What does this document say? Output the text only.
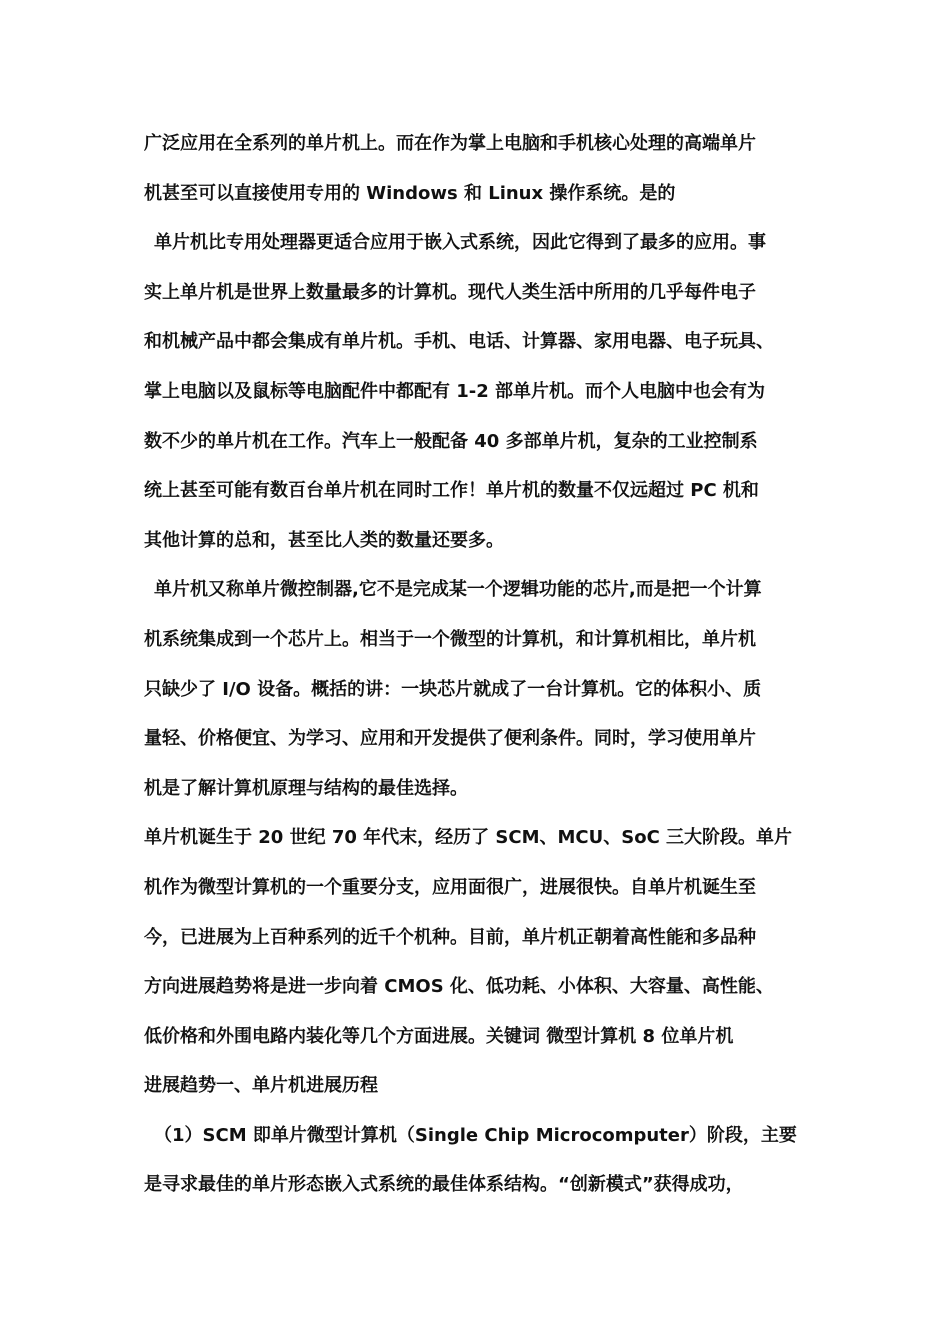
广泛应用在全系列的单片机上。而在作为掌上电脑和手机核心处理的高端单片
机甚至可以直接使用专用的 Windows 和 Linux 操作系统。是的
单片机比专用处理器更适合应用于嵌入式系统，因此它得到了最多的应用。事
实上单片机是世界上数量最多的计算机。现代人类生活中所用的几乎每件电子
和机械产品中都会集成有单片机。手机、电话、计算器、家用电器、电子玩具、
掌上电脑以及鼠标等电脑配件中都配有 1-2 部单片机。而个人电脑中也会有为
数不少的单片机在工作。汽车上一般配备 40 多部单片机，复杂的工业控制系
统上甚至可能有数百台单片机在同时工作！单片机的数量不仅远超过 PC 机和
其他计算的总和，甚至比人类的数量还要多。
单片机又称单片微控制器,它不是完成某一个逻辑功能的芯片,而是把一个计算
机系统集成到一个芯片上。相当于一个微型的计算机，和计算机相比，单片机
只缺少了 I/O 设备。概括的讲：一块芯片就成了一台计算机。它的体积小、质
量轻、价格便宜、为学习、应用和开发提供了便利条件。同时，学习使用单片
机是了解计算机原理与结构的最佳选择。
单片机诞生于 20 世纪 70 年代末，经历了 SCM、MCU、SoC 三大阶段。单片
机作为微型计算机的一个重要分支，应用面很广，进展很快。自单片机诞生至
今，已进展为上百种系列的近千个机种。目前，单片机正朝着高性能和多品种
方向进展趋势将是进一步向着 CMOS 化、低功耗、小体积、大容量、高性能、
低价格和外围电路内装化等几个方面进展。关键词 微型计算机 8 位单片机
进展趋势一、单片机进展历程
（1）SCM 即单片微型计算机（Single Chip Microcomputer）阶段，主要
是寻求最佳的单片形态嵌入式系统的最佳体系结构。“创新模式”获得成功，
